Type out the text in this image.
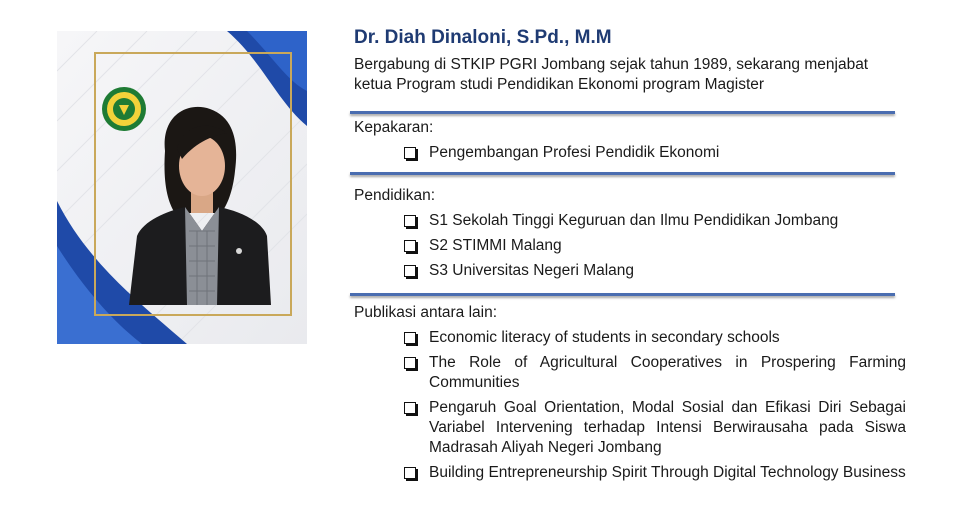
Dr. Diah Dinaloni, S.Pd., M.M

Bergabung di STKIP PGRI Jombang sejak tahun 1989, sekarang menjabat ketua Program studi Pendidikan Ekonomi program Magister

Kepakaran:

Pengembangan Profesi Pendidik Ekonomi

Pendidikan:

S1 Sekolah Tinggi Keguruan dan Ilmu Pendidikan Jombang
S2 STIMMI Malang
S3 Universitas Negeri Malang

Publikasi antara lain:

Economic literacy of students in secondary schools
The Role of Agricultural Cooperatives in Prospering Farming Communities
Pengaruh Goal Orientation, Modal Sosial dan Efikasi Diri Sebagai Variabel Intervening terhadap Intensi Berwirausaha pada Siswa Madrasah Aliyah Negeri Jombang
Building Entrepreneurship Spirit Through Digital Technology Business
